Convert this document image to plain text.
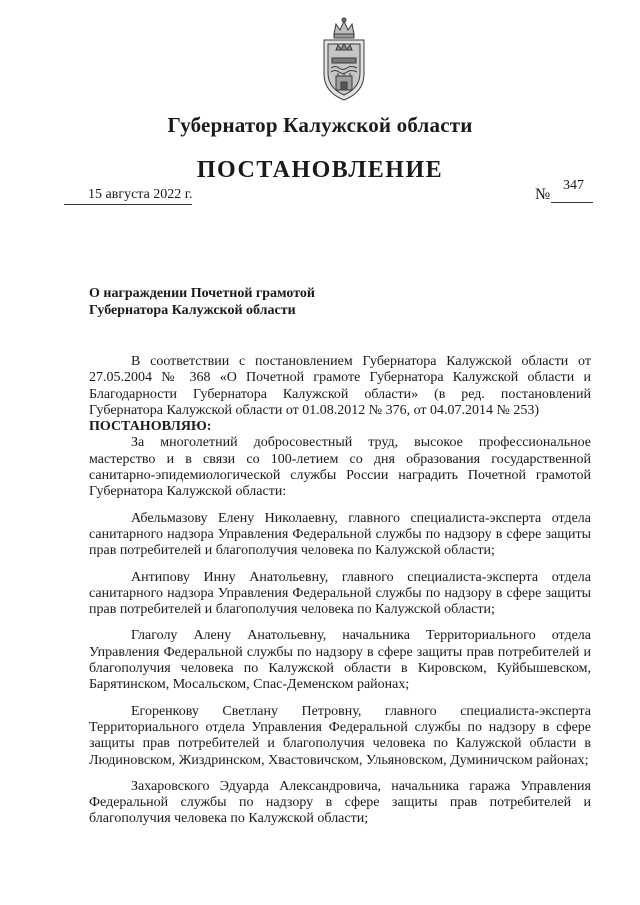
Губернатор Калужской области
ПОСТАНОВЛЕНИЕ
15 августа 2022 г.	№
347
О награждении Почетной грамотой
Губернатора Калужской области

В соответствии с постановлением Губернатора Калужской области от 27.05.2004 № 368 «О Почетной грамоте Губернатора Калужской области и Благодарности Губернатора Калужской области» (в ред. постановлений Губернатора Калужской области от 01.08.2012 № 376, от 04.07.2014 № 253)

ПОСТАНОВЛЯЮ:

За многолетний добросовестный труд, высокое профессиональное мастерство и в связи со 100-летием со дня образования государственной санитарно-эпидемиологической службы России наградить Почетной грамотой Губернатора Калужской области:

Абельмазову Елену Николаевну, главного специалиста-эксперта отдела санитарного надзора Управления Федеральной службы по надзору в сфере защиты прав потребителей и благополучия человека по Калужской области;

Антипову Инну Анатольевну, главного специалиста-эксперта отдела санитарного надзора Управления Федеральной службы по надзору в сфере защиты прав потребителей и благополучия человека по Калужской области;

Глаголу Алену Анатольевну, начальника Территориального отдела Управления Федеральной службы по надзору в сфере защиты прав потребителей и благополучия человека по Калужской области в Кировском, Куйбышевском, Барятинском, Мосальском, Спас-Деменском районах;

Егоренкову Светлану Петровну, главного специалиста-эксперта Территориального отдела Управления Федеральной службы по надзору в сфере защиты прав потребителей и благополучия человека по Калужской области в Людиновском, Жиздринском, Хвастовичском, Ульяновском, Думиничском районах;

Захаровского Эдуарда Александровича, начальника гаража Управления Федеральной службы по надзору в сфере защиты прав потребителей и благополучия человека по Калужской области;
